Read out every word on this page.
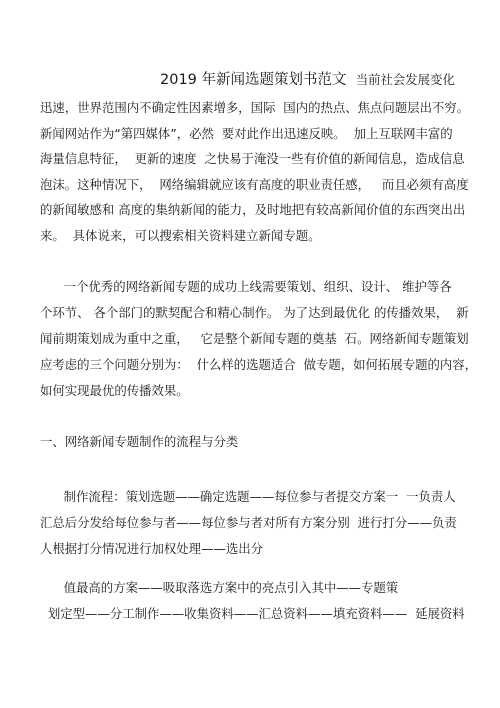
2019 年新闻选题策划书范文 当前社会发展变化

迅速，世界范围内不确定性因素增多，国际  国内的热点、焦点问题层出不穷。

新闻网站作为“第四媒体”，必然  要对此作出迅速反映。  加上互联网丰富的

海量信息特征，  更新的速度  之快易于淹没一些有价值的新闻信息，造成信息

泡沫。这种情况下，  网络编辑就应该有高度的职业责任感，   而且必须有高度

的新闻敏感和 高度的集纳新闻的能力，及时地把有较高新闻价值的东西突出出

来。  具体说来，可以搜索相关资料建立新闻专题。

一个优秀的网络新闻专题的成功上线需要策划、组织、设计、 维护等各

个环节、 各个部门的默契配合和精心制作。 为了达到最优化 的传播效果，  新

闻前期策划成为重中之重，   它是整个新闻专题的奠基  石。网络新闻专题策划

应考虑的三个问题分别为：  什么样的选题适合  做专题，如何拓展专题的内容，

如何实现最优的传播效果。

一、网络新闻专题制作的流程与分类

制作流程：策划选题——确定选题——每位参与者提交方案一  一负责人

汇总后分发给每位参与者——每位参与者对所有方案分别  进行打分——负责

人根据打分情况进行加权处理——选出分

值最高的方案——吸取落选方案中的亮点引入其中——专题策

划定型——分工制作——收集资料——汇总资料——填充资料——  延展资料
